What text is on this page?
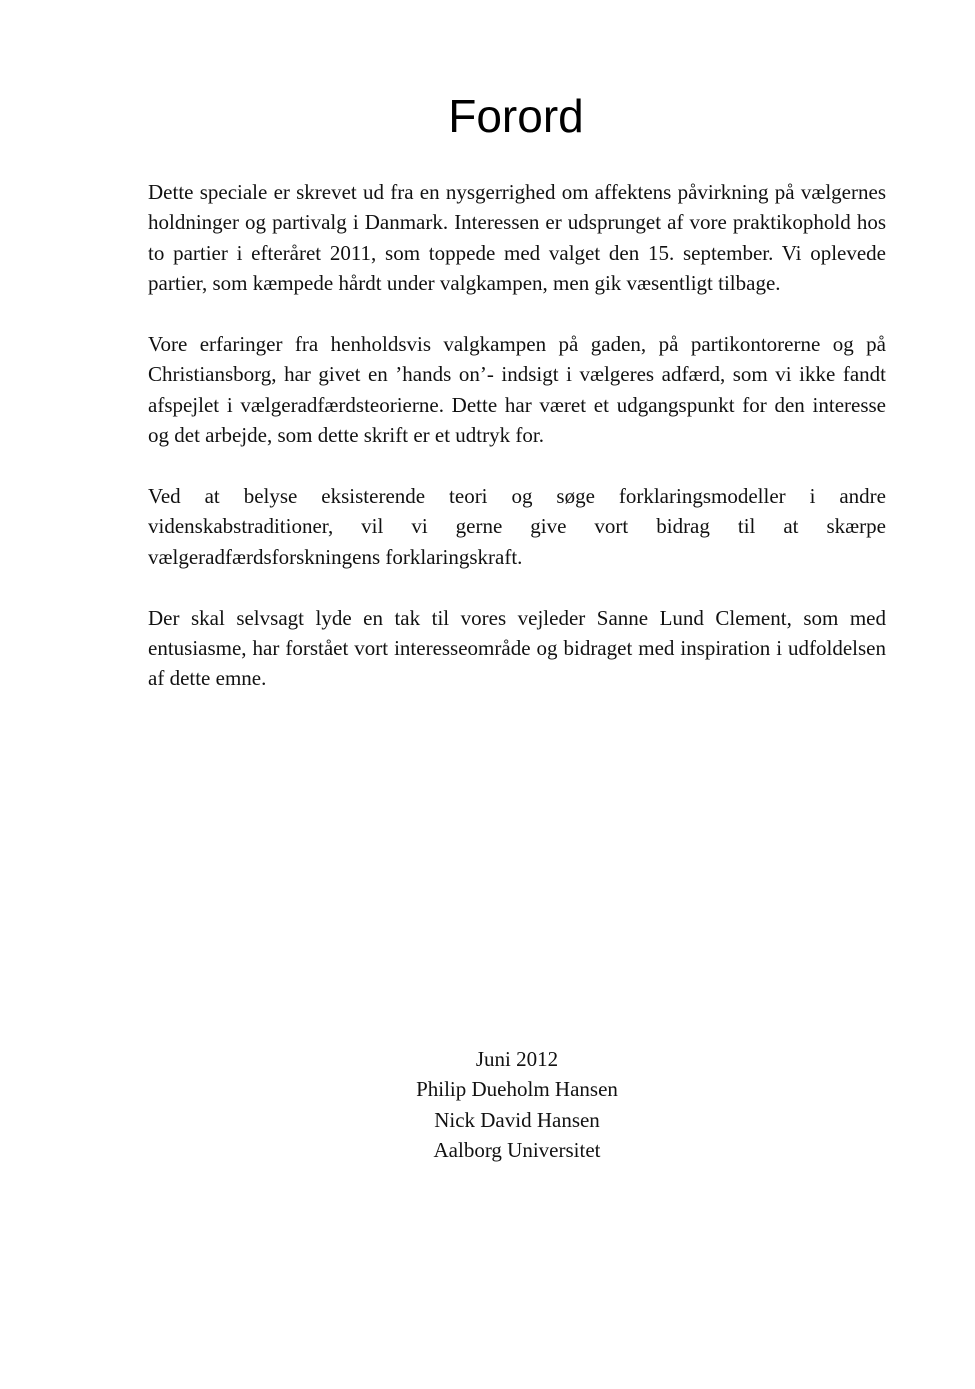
Forord

Dette speciale er skrevet ud fra en nysgerrighed om affektens påvirkning på vælgernes holdninger og partivalg i Danmark. Interessen er udsprunget af vore praktikophold hos to partier i efteråret 2011, som toppede med valget den 15. september. Vi oplevede partier, som kæmpede hårdt under valgkampen, men gik væsentligt tilbage.

Vore erfaringer fra henholdsvis valgkampen på gaden, på partikontorerne og på Christiansborg, har givet en ’hands on’- indsigt i vælgeres adfærd, som vi ikke fandt afspejlet i vælgeradfærdsteorierne. Dette har været et udgangspunkt for den interesse og det arbejde, som dette skrift er et udtryk for.

Ved at belyse eksisterende teori og søge forklaringsmodeller i andre videnskabstraditioner, vil vi gerne give vort bidrag til at skærpe vælgeradfærdsforskningens forklaringskraft.

Der skal selvsagt lyde en tak til vores vejleder Sanne Lund Clement, som med entusiasme, har forstået vort interesseområde og bidraget med inspiration i udfoldelsen af dette emne.

Juni 2012
Philip Dueholm Hansen
Nick David Hansen
Aalborg Universitet
